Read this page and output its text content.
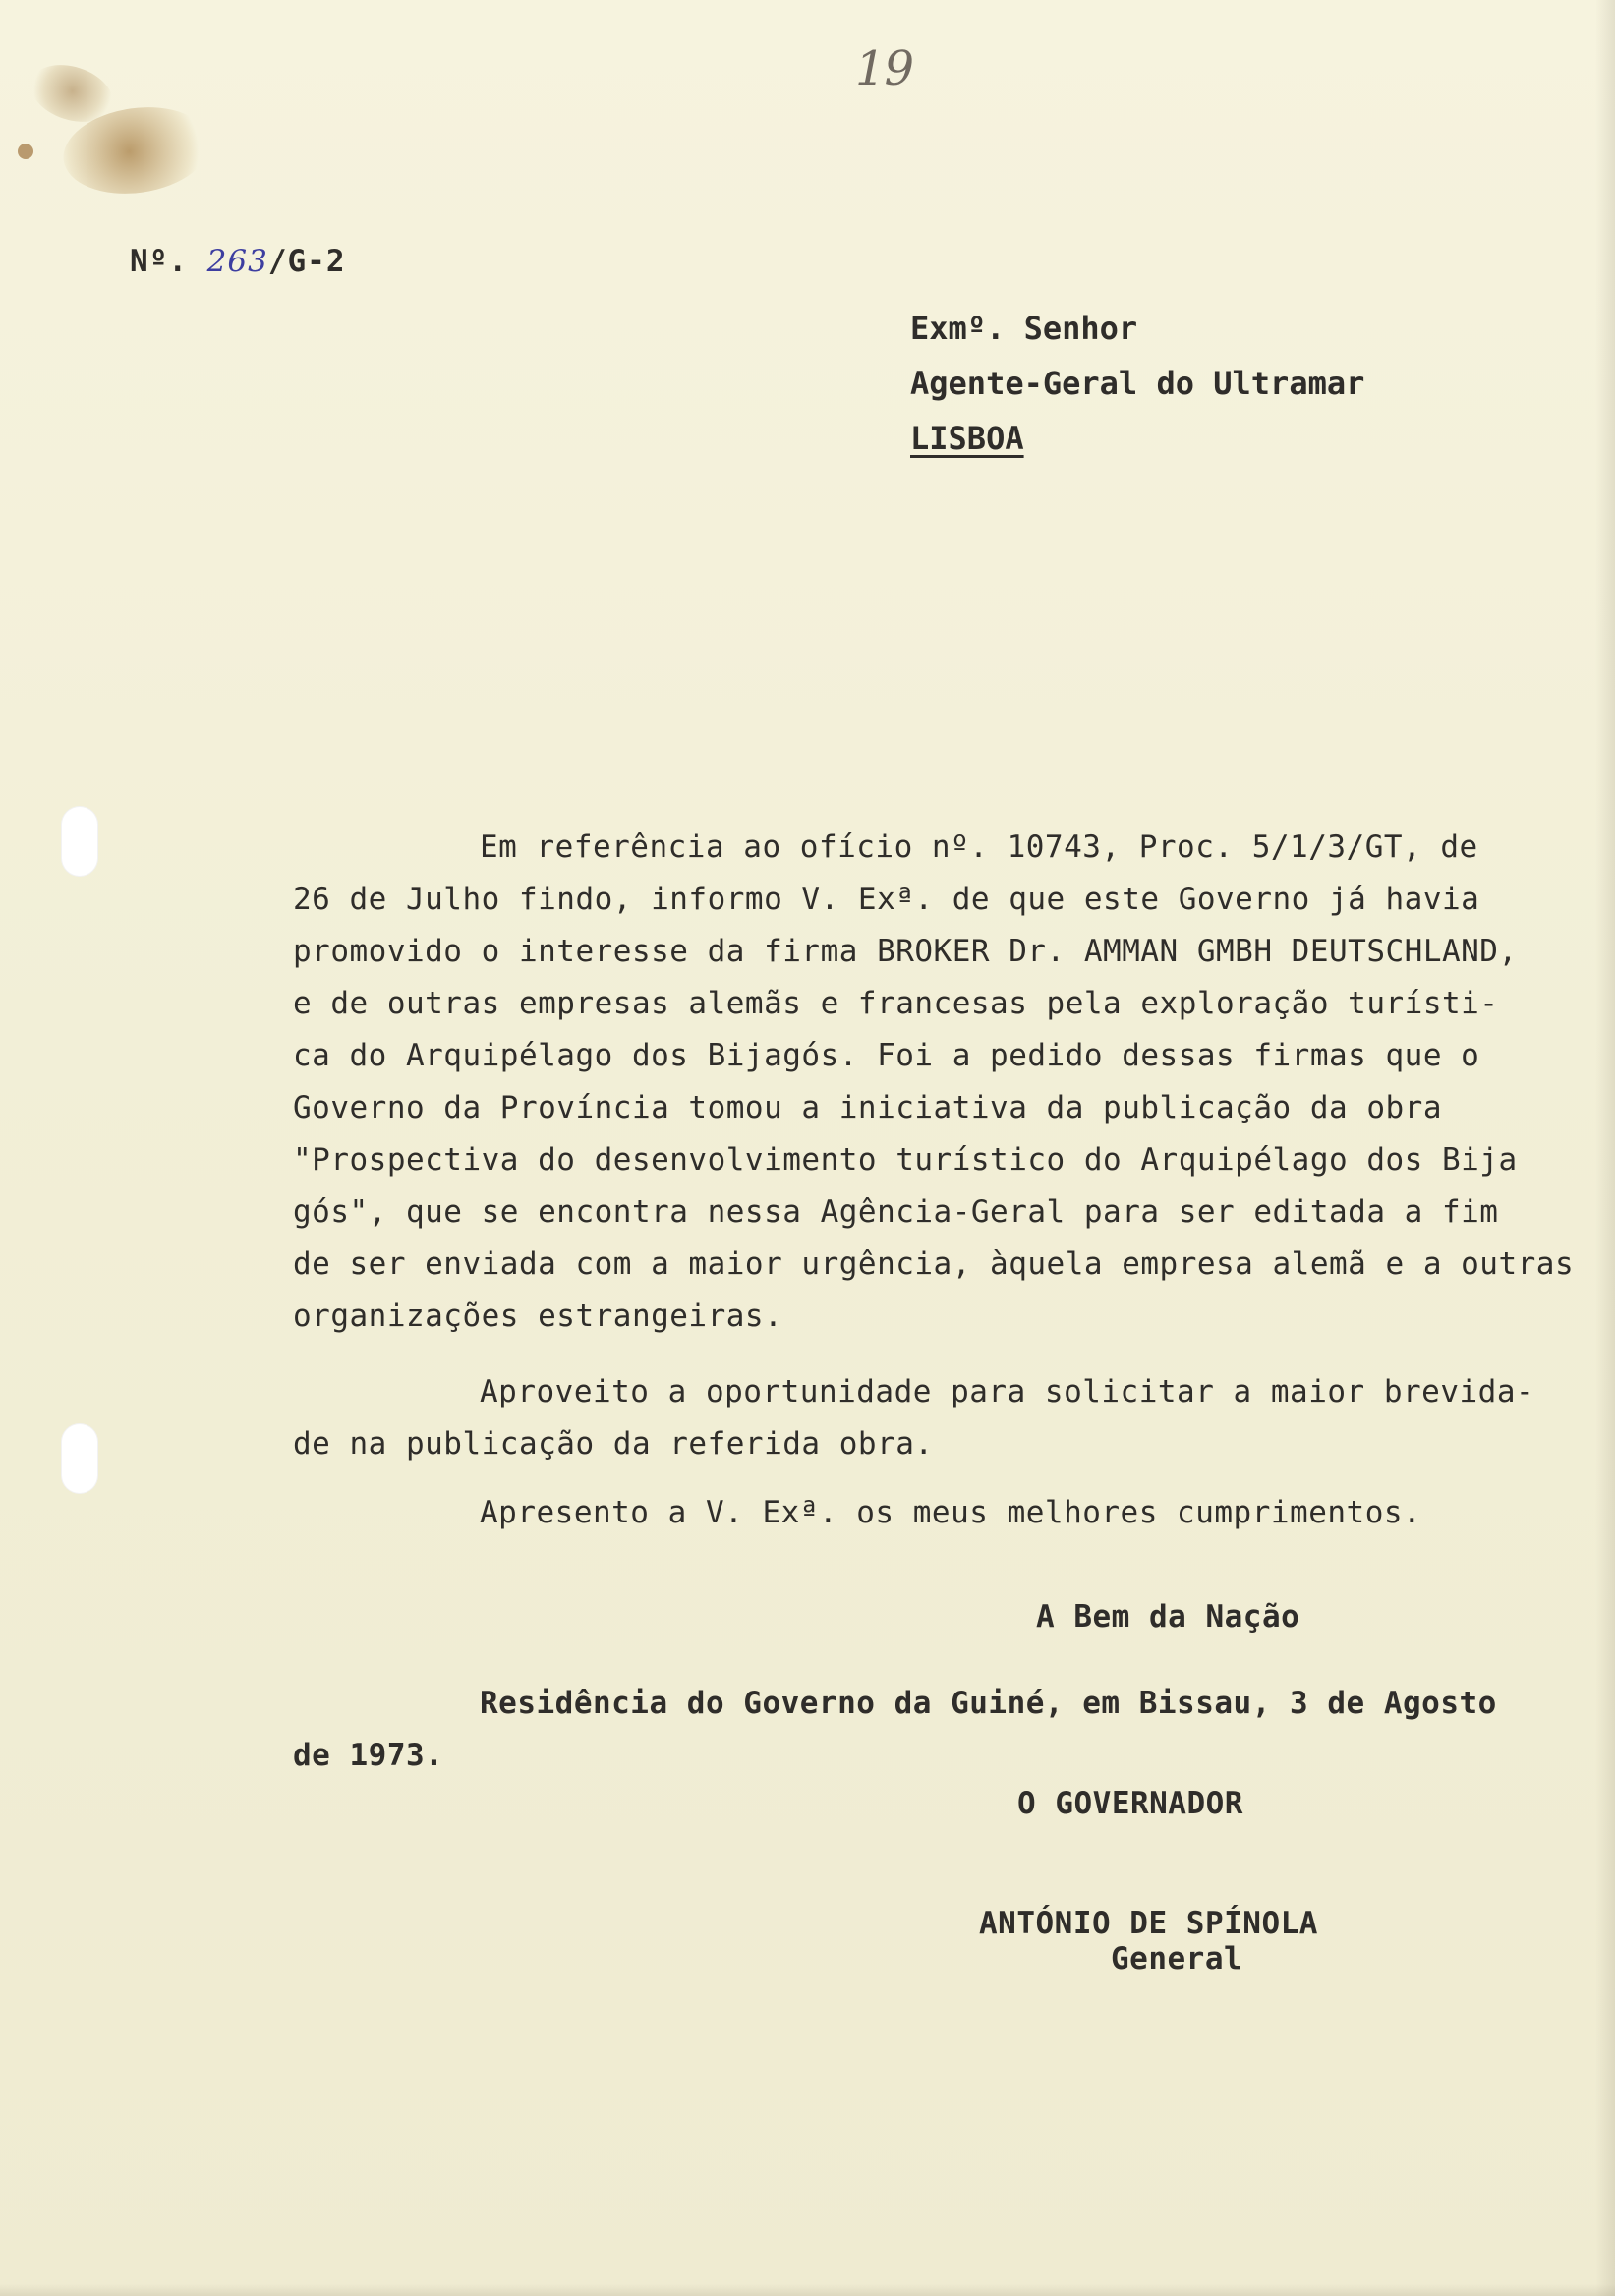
19
Nº. 263/G-2
Exmº. Senhor
Agente-Geral do Ultramar
LISBOA
Em referência ao ofício nº. 10743, Proc. 5/1/3/GT, de
26 de Julho findo, informo V. Exª. de que este Governo já havia
promovido o interesse da firma BROKER Dr. AMMAN GMBH DEUTSCHLAND,
e de outras empresas alemãs e francesas pela exploração turísti-
ca do Arquipélago dos Bijagós. Foi a pedido dessas firmas que o
Governo da Província tomou a iniciativa da publicação da obra
"Prospectiva do desenvolvimento turístico do Arquipélago dos Bija
gós", que se encontra nessa Agência-Geral para ser editada a fim
de ser enviada com a maior urgência, àquela empresa alemã e a outras
organizações estrangeiras.
Aproveito a oportunidade para solicitar a maior brevida-
de na publicação da referida obra.
Apresento a V. Exª. os meus melhores cumprimentos.
A Bem da Nação
Residência do Governo da Guiné, em Bissau, 3 de Agosto
de 1973.
O GOVERNADOR
ANTÓNIO DE SPÍNOLA
General
